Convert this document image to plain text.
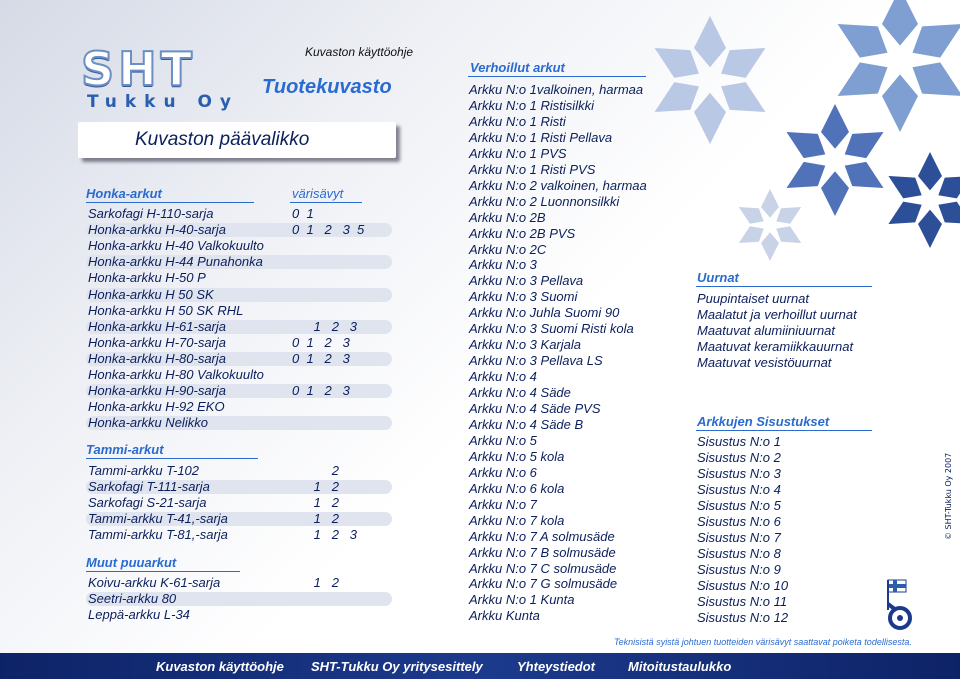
SHT
Tukku Oy
Kuvaston käyttöohje
Tuotekuvasto
Kuvaston päävalikko
Honka-arkut	värisävyt
Sarkofagi H-110-sarja	0  1
Honka-arkku H-40-sarja	0  1   2   3  5
Honka-arkku H-40 Valkokuulto
Honka-arkku H-44 Punahonka
Honka-arkku H-50 P
Honka-arkku H 50 SK
Honka-arkku H 50 SK RHL
Honka-arkku H-61-sarja	1   2   3
Honka-arkku H-70-sarja	0  1   2   3
Honka-arkku H-80-sarja	0  1   2   3
Honka-arkku H-80 Valkokuulto
Honka-arkku H-90-sarja	0  1   2   3
Honka-arkku H-92 EKO
Honka-arkku Nelikko
Tammi-arkut
Tammi-arkku T-102	2
Sarkofagi T-111-sarja	1   2
Sarkofagi S-21-sarja	1   2
Tammi-arkku T-41,-sarja	1   2
Tammi-arkku T-81,-sarja	1   2   3
Muut puuarkut
Koivu-arkku K-61-sarja	1   2
Seetri-arkku 80
Leppä-arkku L-34
Verhoillut arkut
Arkku N:o 1valkoinen, harmaa
Arkku N:o 1 Ristisilkki
Arkku N:o 1 Risti
Arkku N:o 1 Risti Pellava
Arkku N:o 1 PVS
Arkku N:o 1 Risti PVS
Arkku N:o 2 valkoinen, harmaa
Arkku N:o 2 Luonnonsilkki
Arkku N:o 2B
Arkku N:o 2B PVS
Arkku N:o 2C
Arkku N:o 3
Arkku N:o 3 Pellava
Arkku N:o 3 Suomi
Arkku N:o Juhla Suomi 90
Arkku N:o 3 Suomi Risti kola
Arkku N:o 3 Karjala
Arkku N:o 3 Pellava LS
Arkku N:o 4
Arkku N:o 4 Säde
Arkku N:o 4 Säde PVS
Arkku N:o 4 Säde B
Arkku N:o 5
Arkku N:o 5 kola
Arkku N:o 6
Arkku N:o 6 kola
Arkku N:o 7
Arkku N:o 7 kola
Arkku N:o 7 A solmusäde
Arkku N:o 7 B solmusäde
Arkku N:o 7 C solmusäde
Arkku N:o 7 G solmusäde
Arkku N:o 1 Kunta
Arkku Kunta
Uurnat
Puupintaiset uurnat
Maalatut ja verhoillut uurnat
Maatuvat alumiiniuurnat
Maatuvat keramiikkauurnat
Maatuvat vesistöuurnat
Arkkujen Sisustukset
Sisustus N:o 1
Sisustus N:o 2
Sisustus N:o 3
Sisustus N:o 4
Sisustus N:o 5
Sisustus N:o 6
Sisustus N:o 7
Sisustus N:o 8
Sisustus N:o 9
Sisustus N:o 10
Sisustus N:o 11
Sisustus N:o 12
Teknisistä syistä johtuen tuotteiden värisävyt saattavat poiketa todellisesta.
© SHT-Tukku Oy 2007
Kuvaston käyttöohje SHT-Tukku Oy yritysesittely	Yhteystiedot	Mitoitustaulukko
